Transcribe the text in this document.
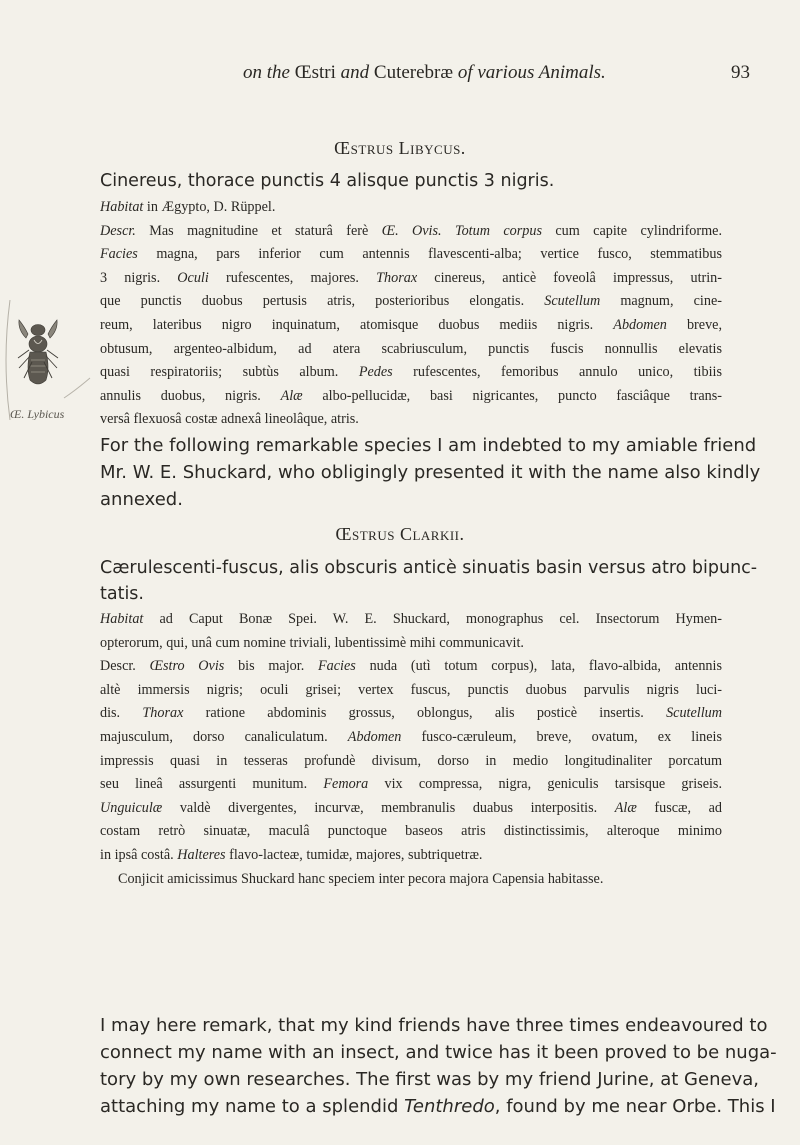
on the Œstri and Cuterebræ of various Animals.	93
Œ. Lybicus
Œstrus Libycus.
Cinereus, thorace punctis 4 alisque punctis 3 nigris.
Habitat in Ægypto, D. Rüppel.
Descr. Mas magnitudine et staturâ ferè Œ. Ovis. Totum corpus cum capite cylindriforme.
Facies magna, pars inferior cum antennis flavescenti-alba; vertice fusco, stemmatibus
3 nigris. Oculi rufescentes, majores. Thorax cinereus, anticè foveolâ impressus, utrin-
que punctis duobus pertusis atris, posterioribus elongatis. Scutellum magnum, cine-
reum, lateribus nigro inquinatum, atomisque duobus mediis nigris. Abdomen breve,
obtusum, argenteo-albidum, ad atera scabriusculum, punctis fuscis nonnullis elevatis
quasi respiratoriis; subtùs album. Pedes rufescentes, femoribus annulo unico, tibiis
annulis duobus, nigris. Alæ albo-pellucidæ, basi nigricantes, puncto fasciâque trans-
versâ flexuosâ costæ adnexâ lineolâque, atris.
For the following remarkable species I am indebted to my amiable friend
Mr. W. E. Shuckard, who obligingly presented it with the name also kindly
annexed.
Œstrus Clarkii.
Cærulescenti-fuscus, alis obscuris anticè sinuatis basin versus atro bipunc-
tatis.
Habitat ad Caput Bonæ Spei. W. E. Shuckard, monographus cel. Insectorum Hymen-
opterorum, qui, unâ cum nomine triviali, lubentissimè mihi communicavit.
Descr. Œstro Ovis bis major. Facies nuda (utì totum corpus), lata, flavo-albida, antennis
altè immersis nigris; oculi grisei; vertex fuscus, punctis duobus parvulis nigris luci-
dis. Thorax ratione abdominis grossus, oblongus, alis posticè insertis. Scutellum
majusculum, dorso canaliculatum. Abdomen fusco-cæruleum, breve, ovatum, ex lineis
impressis quasi in tesseras profundè divisum, dorso in medio longitudinaliter porcatum
seu lineâ assurgenti munitum. Femora vix compressa, nigra, geniculis tarsisque griseis.
Unguiculæ valdè divergentes, incurvæ, membranulis duabus interpositis. Alæ fuscæ, ad
costam retrò sinuatæ, maculâ punctoque baseos atris distinctissimis, alteroque minimo
in ipsâ costâ. Halteres flavo-lacteæ, tumidæ, majores, subtriquetræ.
Conjicit amicissimus Shuckard hanc speciem inter pecora majora Capensia habitasse.
I may here remark, that my kind friends have three times endeavoured to
connect my name with an insect, and twice has it been proved to be nuga-
tory by my own researches. The first was by my friend Jurine, at Geneva,
attaching my name to a splendid Tenthredo, found by me near Orbe. This I
